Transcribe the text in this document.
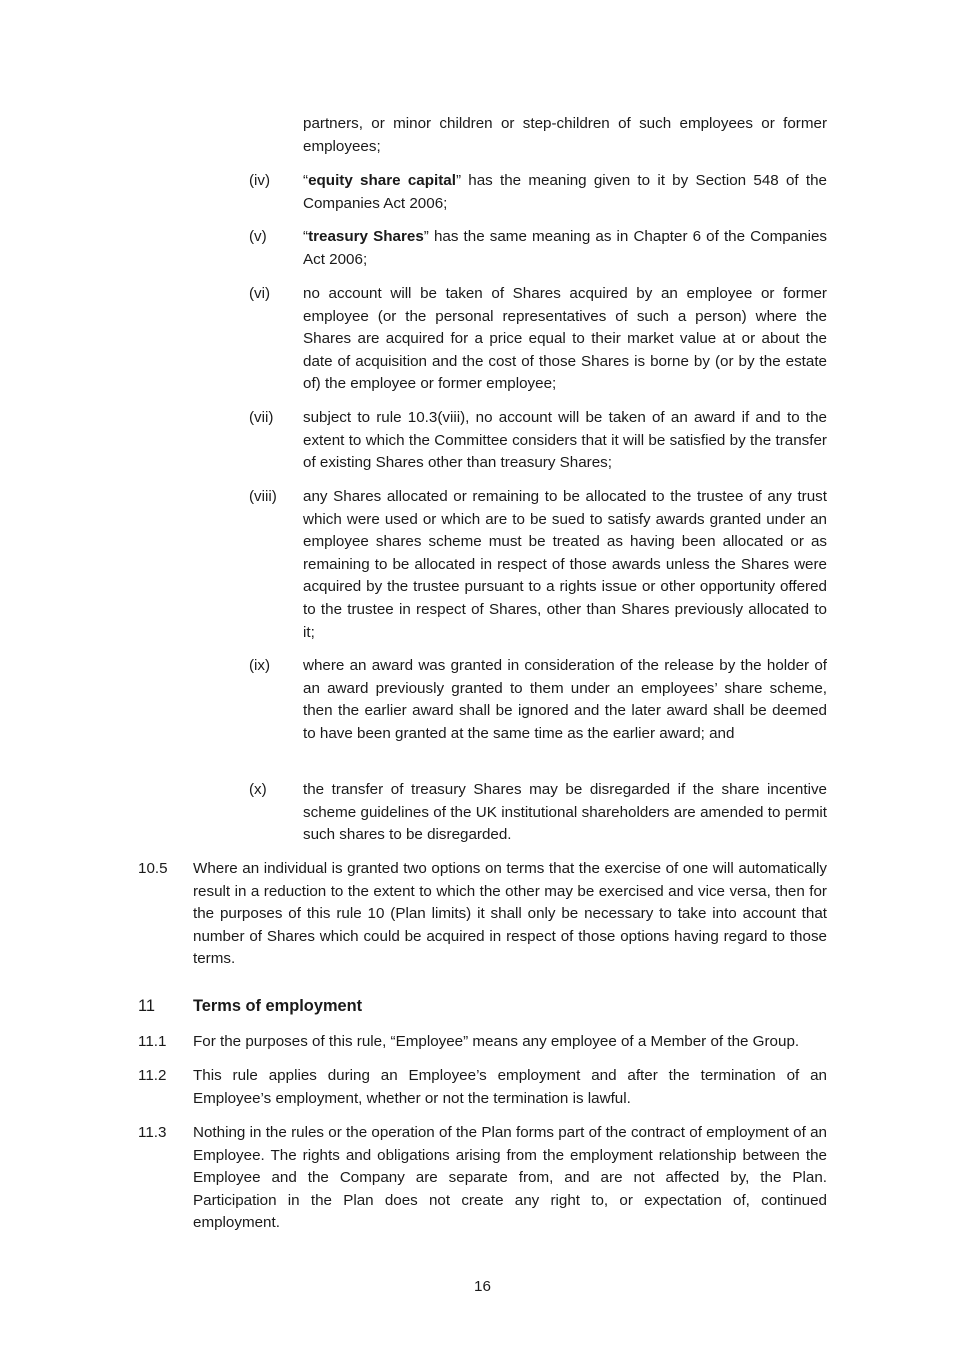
partners, or minor children or step-children of such employees or former employees;
(iv) “equity share capital” has the meaning given to it by Section 548 of the Companies Act 2006;
(v) “treasury Shares” has the same meaning as in Chapter 6 of the Companies Act 2006;
(vi) no account will be taken of Shares acquired by an employee or former employee (or the personal representatives of such a person) where the Shares are acquired for a price equal to their market value at or about the date of acquisition and the cost of those Shares is borne by (or by the estate of) the employee or former employee;
(vii) subject to rule 10.3(viii), no account will be taken of an award if and to the extent to which the Committee considers that it will be satisfied by the transfer of existing Shares other than treasury Shares;
(viii) any Shares allocated or remaining to be allocated to the trustee of any trust which were used or which are to be sued to satisfy awards granted under an employee shares scheme must be treated as having been allocated or as remaining to be allocated in respect of those awards unless the Shares were acquired by the trustee pursuant to a rights issue or other opportunity offered to the trustee in respect of Shares, other than Shares previously allocated to it;
(ix) where an award was granted in consideration of the release by the holder of an award previously granted to them under an employees’ share scheme, then the earlier award shall be ignored and the later award shall be deemed to have been granted at the same time as the earlier award; and
(x) the transfer of treasury Shares may be disregarded if the share incentive scheme guidelines of the UK institutional shareholders are amended to permit such shares to be disregarded.
10.5 Where an individual is granted two options on terms that the exercise of one will automatically result in a reduction to the extent to which the other may be exercised and vice versa, then for the purposes of this rule 10 (Plan limits) it shall only be necessary to take into account that number of Shares which could be acquired in respect of those options having regard to those terms.
11 Terms of employment
11.1 For the purposes of this rule, “Employee” means any employee of a Member of the Group.
11.2 This rule applies during an Employee’s employment and after the termination of an Employee’s employment, whether or not the termination is lawful.
11.3 Nothing in the rules or the operation of the Plan forms part of the contract of employment of an Employee. The rights and obligations arising from the employment relationship between the Employee and the Company are separate from, and are not affected by, the Plan. Participation in the Plan does not create any right to, or expectation of, continued employment.
16
